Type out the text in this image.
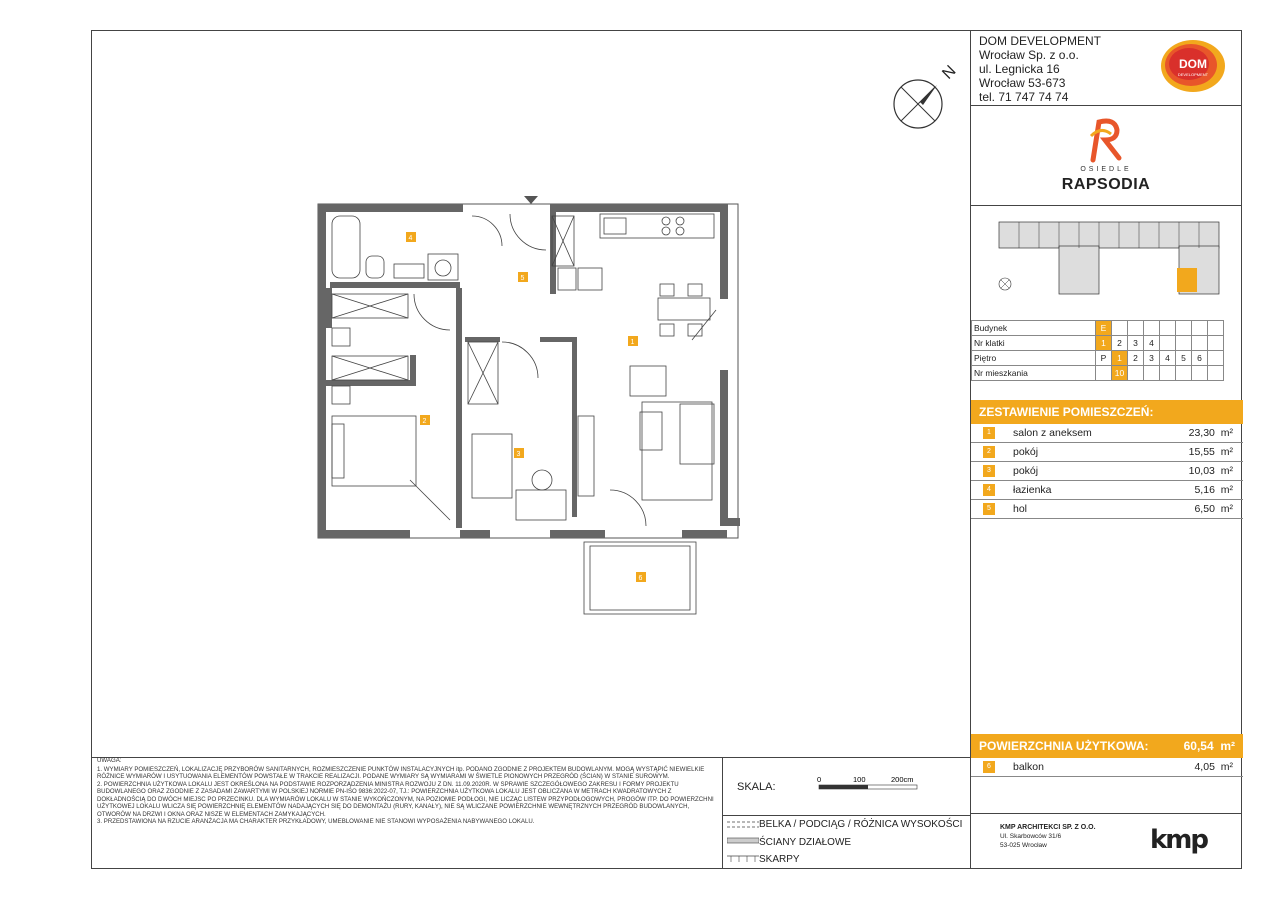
N
1
2
3
4
5
6
DOM DEVELOPMENT
Wrocław Sp. z o.o.
ul. Legnicka 16
Wrocław 53-673
tel. 71 747 74 74
DOM
DEVELOPMENT
OSIEDLE
RAPSODIA
Budynek	E							
Nr klatki	1	2	3	4				
Piętro	P	1	2	3	4	5	6	
Nr mieszkania		10						
ZESTAWIENIE POMIESZCZEŃ:
1	salon z aneksem	23,30 m²
2	pokój	15,55 m²
3	pokój	10,03 m²
4	łazienka	5,16 m²
5	hol	6,50 m²
POWIERZCHNIA UŻYTKOWA:	60,54 m²
6	balkon	4,05 m²

UWAGA:

1. WYMIARY POMIESZCZEŃ, LOKALIZACJĘ PRZYBORÓW SANITARNYCH, ROZMIESZCZENIE PUNKTÓW INSTALACYJNYCH itp. PODANO ZGODNIE Z PROJEKTEM BUDOWLANYM. MOGĄ WYSTĄPIĆ NIEWIELKIE RÓŻNICE WYMIARÓW I USYTUOWANIA ELEMENTÓW POWSTAŁE W TRAKCIE REALIZACJI. PODANE WYMIARY SĄ WYMIARAMI W ŚWIETLE PIONOWYCH PRZEGRÓD (ŚCIAN) W STANIE SUROWYM.

2. POWIERZCHNIA UŻYTKOWA LOKALU JEST OKREŚLONA NA PODSTAWIE ROZPORZĄDZENIA MINISTRA ROZWOJU Z DN. 11.09.2020R. W SPRAWIE SZCZEGÓŁOWEGO ZAKRESU I FORMY PROJEKTU BUDOWLANEGO ORAZ ZGODNIE Z ZASADAMI ZAWARTYMI W POLSKIEJ NORMIE PN-ISO 9836:2022-07, TJ.: POWIERZCHNIA UŻYTKOWA LOKALU JEST OBLICZANA W METRACH KWADRATOWYCH Z DOKŁADNOŚCIĄ DO DWÓCH MIEJSC PO PRZECINKU. DLA WYMIARÓW LOKALU W STANIE WYKOŃCZONYM, NA POZIOMIE PODŁOGI, NIE LICZĄC LISTEW PRZYPODŁOGOWYCH, PROGÓW ITP. DO POWIERZCHNI UŻYTKOWEJ LOKALU WLICZA SIĘ POWIERZCHNIĘ ELEMENTÓW NADAJĄCYCH SIĘ DO DEMONTAŻU (RURY, KANAŁY), NIE SĄ WLICZANE POWIERZCHNIE WEWNĘTRZNYCH PRZEGRÓD BUDOWLANYCH, OTWORÓW NA DRZWI I OKNA ORAZ NISZE W ELEMENTACH ZAMYKAJĄCYCH.

3. PRZEDSTAWIONA NA RZUCIE ARANŻACJA MA CHARAKTER PRZYKŁADOWY, UMEBLOWANIE NIE STANOWI WYPOSAŻENIA NABYWANEGO LOKALU.

SKALA:
0	100	200cm
BELKA / PODCIĄG / RÓŻNICA WYSOKOŚCI
ŚCIANY DZIAŁOWE
SKARPY
KMP ARCHITEKCI SP. Z O.O.
Ul. Skarbowców 31/6
53-025 Wrocław	kmp
